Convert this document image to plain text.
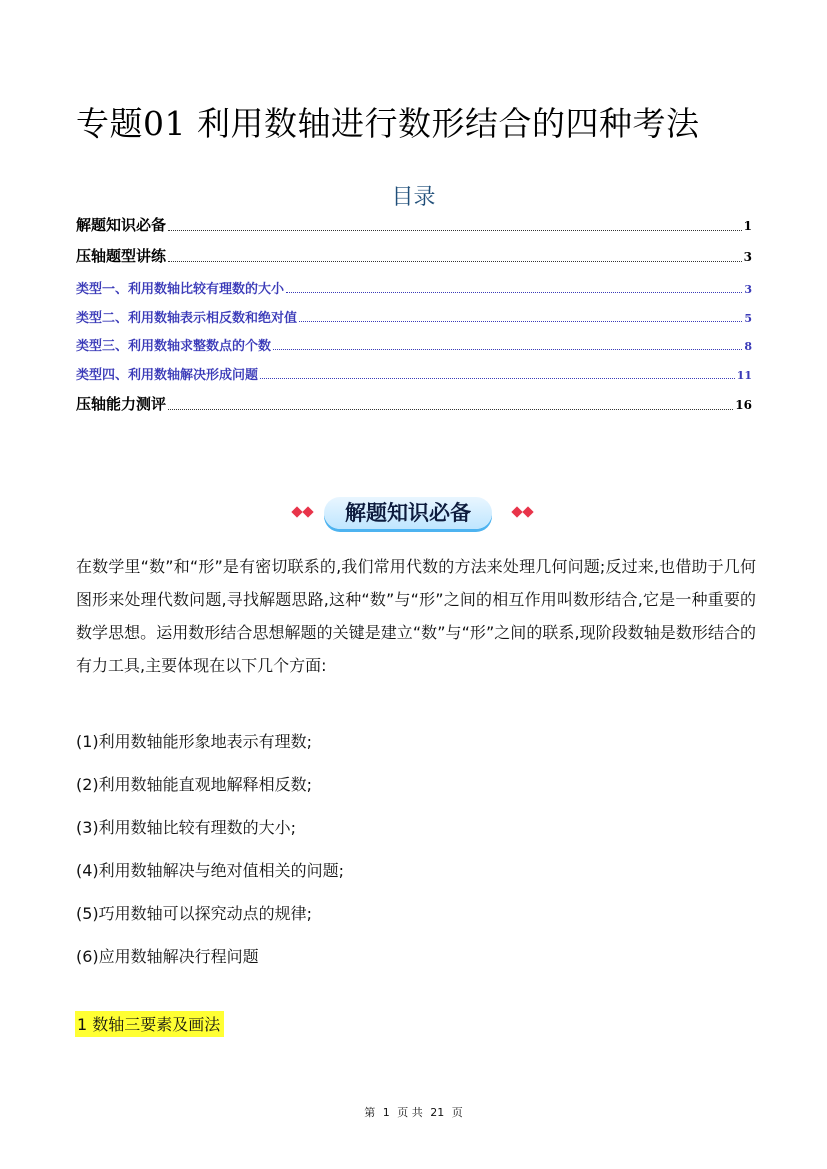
专题01 利用数轴进行数形结合的四种考法
目录
解题知识必备	1
压轴题型讲练	3
类型一、利用数轴比较有理数的大小	3
类型二、利用数轴表示相反数和绝对值	5
类型三、利用数轴求整数点的个数	8
类型四、利用数轴解决形成问题	11
压轴能力测评	16
解题知识必备
在数学里“数”和“形”是有密切联系的,我们常用代数的方法来处理几何问题;反过来,也借助于几何图形来处理代数问题,寻找解题思路,这种“数”与“形”之间的相互作用叫数形结合,它是一种重要的数学思想。运用数形结合思想解题的关键是建立“数”与“形”之间的联系,现阶段数轴是数形结合的有力工具,主要体现在以下几个方面:
(1)利用数轴能形象地表示有理数;
(2)利用数轴能直观地解释相反数;
(3)利用数轴比较有理数的大小;
(4)利用数轴解决与绝对值相关的问题;
(5)巧用数轴可以探究动点的规律;
(6)应用数轴解决行程问题
1 数轴三要素及画法
第 1 页 共 21 页
